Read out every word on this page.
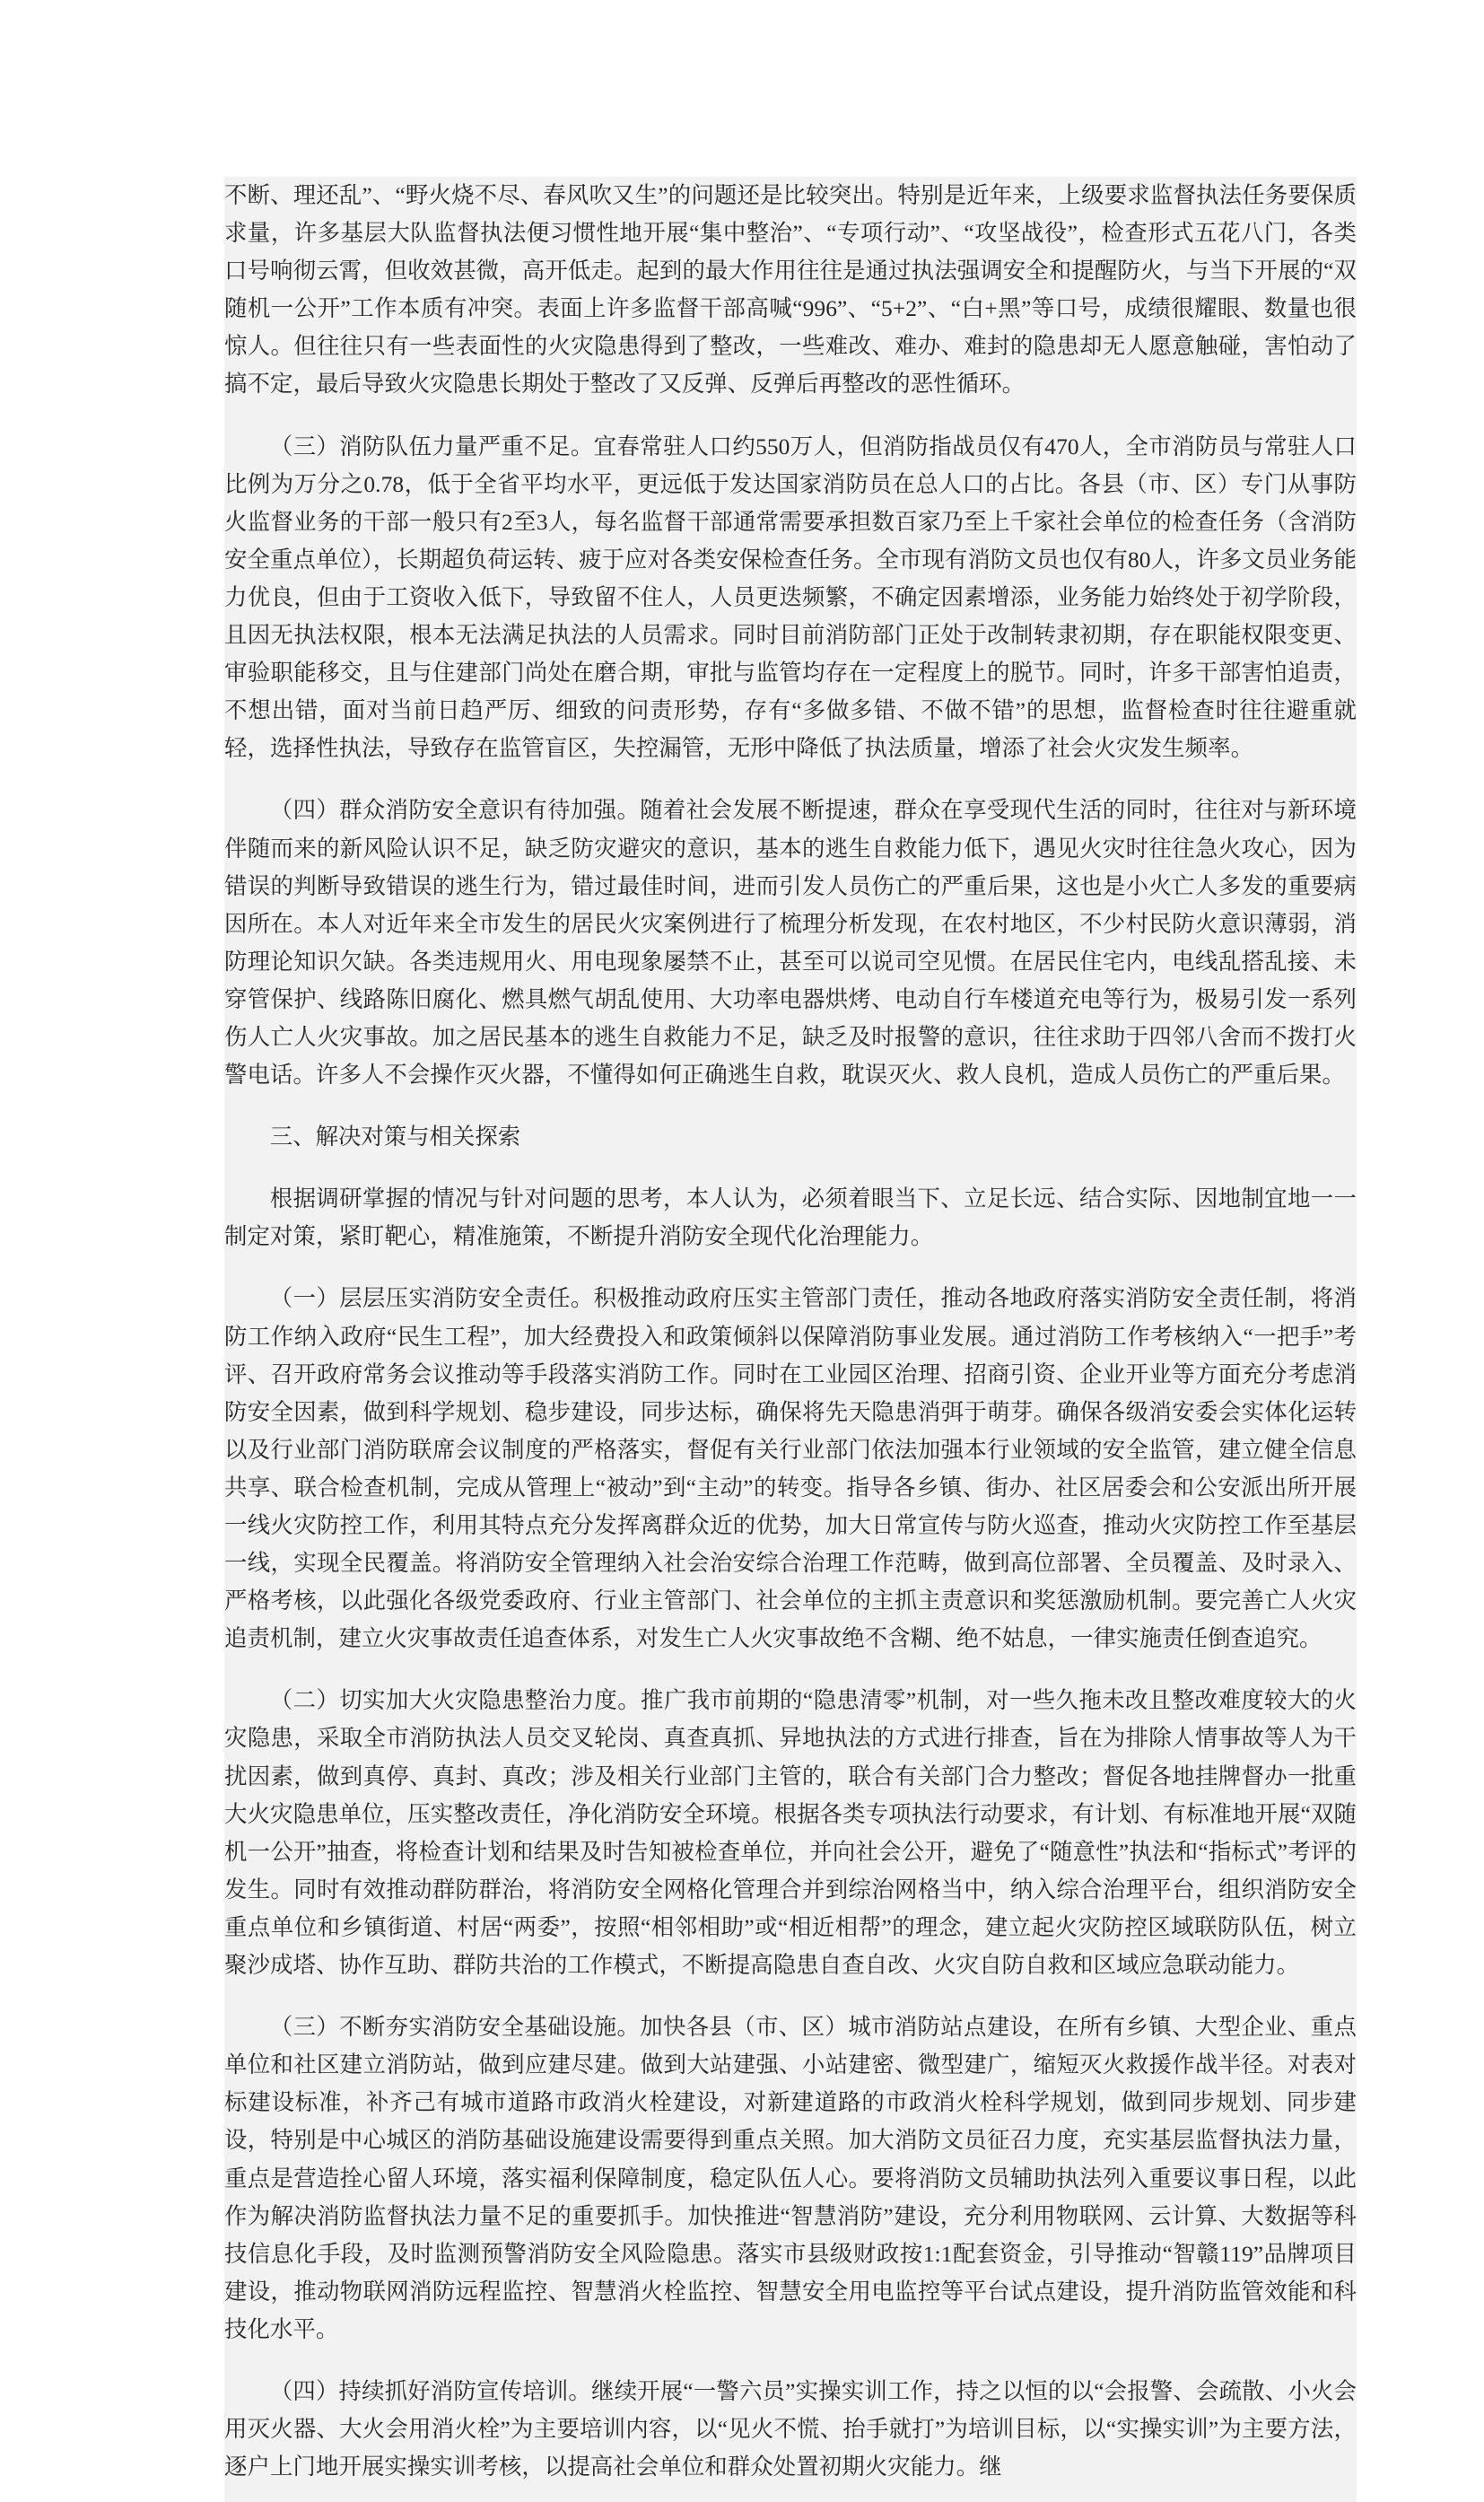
不断、理还乱”、“野火烧不尽、春风吹又生”的问题还是比较突出。特别是近年来，上级要求监督执法任务要保质求量，许多基层大队监督执法便习惯性地开展“集中整治”、“专项行动”、“攻坚战役”，检查形式五花八门，各类口号响彻云霄，但收效甚微，高开低走。起到的最大作用往往是通过执法强调安全和提醒防火，与当下开展的“双随机一公开”工作本质有冲突。表面上许多监督干部高喊“996”、“5+2”、“白+黑”等口号，成绩很耀眼、数量也很惊人。但往往只有一些表面性的火灾隐患得到了整改，一些难改、难办、难封的隐患却无人愿意触碰，害怕动了搞不定，最后导致火灾隐患长期处于整改了又反弹、反弹后再整改的恶性循环。

（三）消防队伍力量严重不足。宜春常驻人口约550万人，但消防指战员仅有470人，全市消防员与常驻人口比例为万分之0.78，低于全省平均水平，更远低于发达国家消防员在总人口的占比。各县（市、区）专门从事防火监督业务的干部一般只有2至3人，每名监督干部通常需要承担数百家乃至上千家社会单位的检查任务（含消防安全重点单位），长期超负荷运转、疲于应对各类安保检查任务。全市现有消防文员也仅有80人，许多文员业务能力优良，但由于工资收入低下，导致留不住人，人员更迭频繁，不确定因素增添，业务能力始终处于初学阶段，且因无执法权限，根本无法满足执法的人员需求。同时目前消防部门正处于改制转隶初期，存在职能权限变更、审验职能移交，且与住建部门尚处在磨合期，审批与监管均存在一定程度上的脱节。同时，许多干部害怕追责，不想出错，面对当前日趋严厉、细致的问责形势，存有“多做多错、不做不错”的思想，监督检查时往往避重就轻，选择性执法，导致存在监管盲区，失控漏管，无形中降低了执法质量，增添了社会火灾发生频率。

（四）群众消防安全意识有待加强。随着社会发展不断提速，群众在享受现代生活的同时，往往对与新环境伴随而来的新风险认识不足，缺乏防灾避灾的意识，基本的逃生自救能力低下，遇见火灾时往往急火攻心，因为错误的判断导致错误的逃生行为，错过最佳时间，进而引发人员伤亡的严重后果，这也是小火亡人多发的重要病因所在。本人对近年来全市发生的居民火灾案例进行了梳理分析发现，在农村地区，不少村民防火意识薄弱，消防理论知识欠缺。各类违规用火、用电现象屡禁不止，甚至可以说司空见惯。在居民住宅内，电线乱搭乱接、未穿管保护、线路陈旧腐化、燃具燃气胡乱使用、大功率电器烘烤、电动自行车楼道充电等行为，极易引发一系列伤人亡人火灾事故。加之居民基本的逃生自救能力不足，缺乏及时报警的意识，往往求助于四邻八舍而不拨打火警电话。许多人不会操作灭火器，不懂得如何正确逃生自救，耽误灭火、救人良机，造成人员伤亡的严重后果。

三、解决对策与相关探索

根据调研掌握的情况与针对问题的思考，本人认为，必须着眼当下、立足长远、结合实际、因地制宜地一一制定对策，紧盯靶心，精准施策，不断提升消防安全现代化治理能力。

（一）层层压实消防安全责任。积极推动政府压实主管部门责任，推动各地政府落实消防安全责任制，将消防工作纳入政府“民生工程”，加大经费投入和政策倾斜以保障消防事业发展。通过消防工作考核纳入“一把手”考评、召开政府常务会议推动等手段落实消防工作。同时在工业园区治理、招商引资、企业开业等方面充分考虑消防安全因素，做到科学规划、稳步建设，同步达标，确保将先天隐患消弭于萌芽。确保各级消安委会实体化运转以及行业部门消防联席会议制度的严格落实，督促有关行业部门依法加强本行业领域的安全监管，建立健全信息共享、联合检查机制，完成从管理上“被动”到“主动”的转变。指导各乡镇、街办、社区居委会和公安派出所开展一线火灾防控工作，利用其特点充分发挥离群众近的优势，加大日常宣传与防火巡查，推动火灾防控工作至基层一线，实现全民覆盖。将消防安全管理纳入社会治安综合治理工作范畴，做到高位部署、全员覆盖、及时录入、严格考核，以此强化各级党委政府、行业主管部门、社会单位的主抓主责意识和奖惩激励机制。要完善亡人火灾追责机制，建立火灾事故责任追查体系，对发生亡人火灾事故绝不含糊、绝不姑息，一律实施责任倒查追究。

（二）切实加大火灾隐患整治力度。推广我市前期的“隐患清零”机制，对一些久拖未改且整改难度较大的火灾隐患，采取全市消防执法人员交叉轮岗、真查真抓、异地执法的方式进行排查，旨在为排除人情事故等人为干扰因素，做到真停、真封、真改；涉及相关行业部门主管的，联合有关部门合力整改；督促各地挂牌督办一批重大火灾隐患单位，压实整改责任，净化消防安全环境。根据各类专项执法行动要求，有计划、有标准地开展“双随机一公开”抽查，将检查计划和结果及时告知被检查单位，并向社会公开，避免了“随意性”执法和“指标式”考评的发生。同时有效推动群防群治，将消防安全网格化管理合并到综治网格当中，纳入综合治理平台，组织消防安全重点单位和乡镇街道、村居“两委”，按照“相邻相助”或“相近相帮”的理念，建立起火灾防控区域联防队伍，树立聚沙成塔、协作互助、群防共治的工作模式，不断提高隐患自查自改、火灾自防自救和区域应急联动能力。

（三）不断夯实消防安全基础设施。加快各县（市、区）城市消防站点建设，在所有乡镇、大型企业、重点单位和社区建立消防站，做到应建尽建。做到大站建强、小站建密、微型建广，缩短灭火救援作战半径。对表对标建设标准，补齐己有城市道路市政消火栓建设，对新建道路的市政消火栓科学规划，做到同步规划、同步建设，特别是中心城区的消防基础设施建设需要得到重点关照。加大消防文员征召力度，充实基层监督执法力量，重点是营造拴心留人环境，落实福利保障制度，稳定队伍人心。要将消防文员辅助执法列入重要议事日程，以此作为解决消防监督执法力量不足的重要抓手。加快推进“智慧消防”建设，充分利用物联网、云计算、大数据等科技信息化手段，及时监测预警消防安全风险隐患。落实市县级财政按1:1配套资金，引导推动“智赣119”品牌项目建设，推动物联网消防远程监控、智慧消火栓监控、智慧安全用电监控等平台试点建设，提升消防监管效能和科技化水平。

（四）持续抓好消防宣传培训。继续开展“一警六员”实操实训工作，持之以恒的以“会报警、会疏散、小火会用灭火器、大火会用消火栓”为主要培训内容，以“见火不慌、抬手就打”为培训目标，以“实操实训”为主要方法，逐户上门地开展实操实训考核，以提高社会单位和群众处置初期火灾能力。继
